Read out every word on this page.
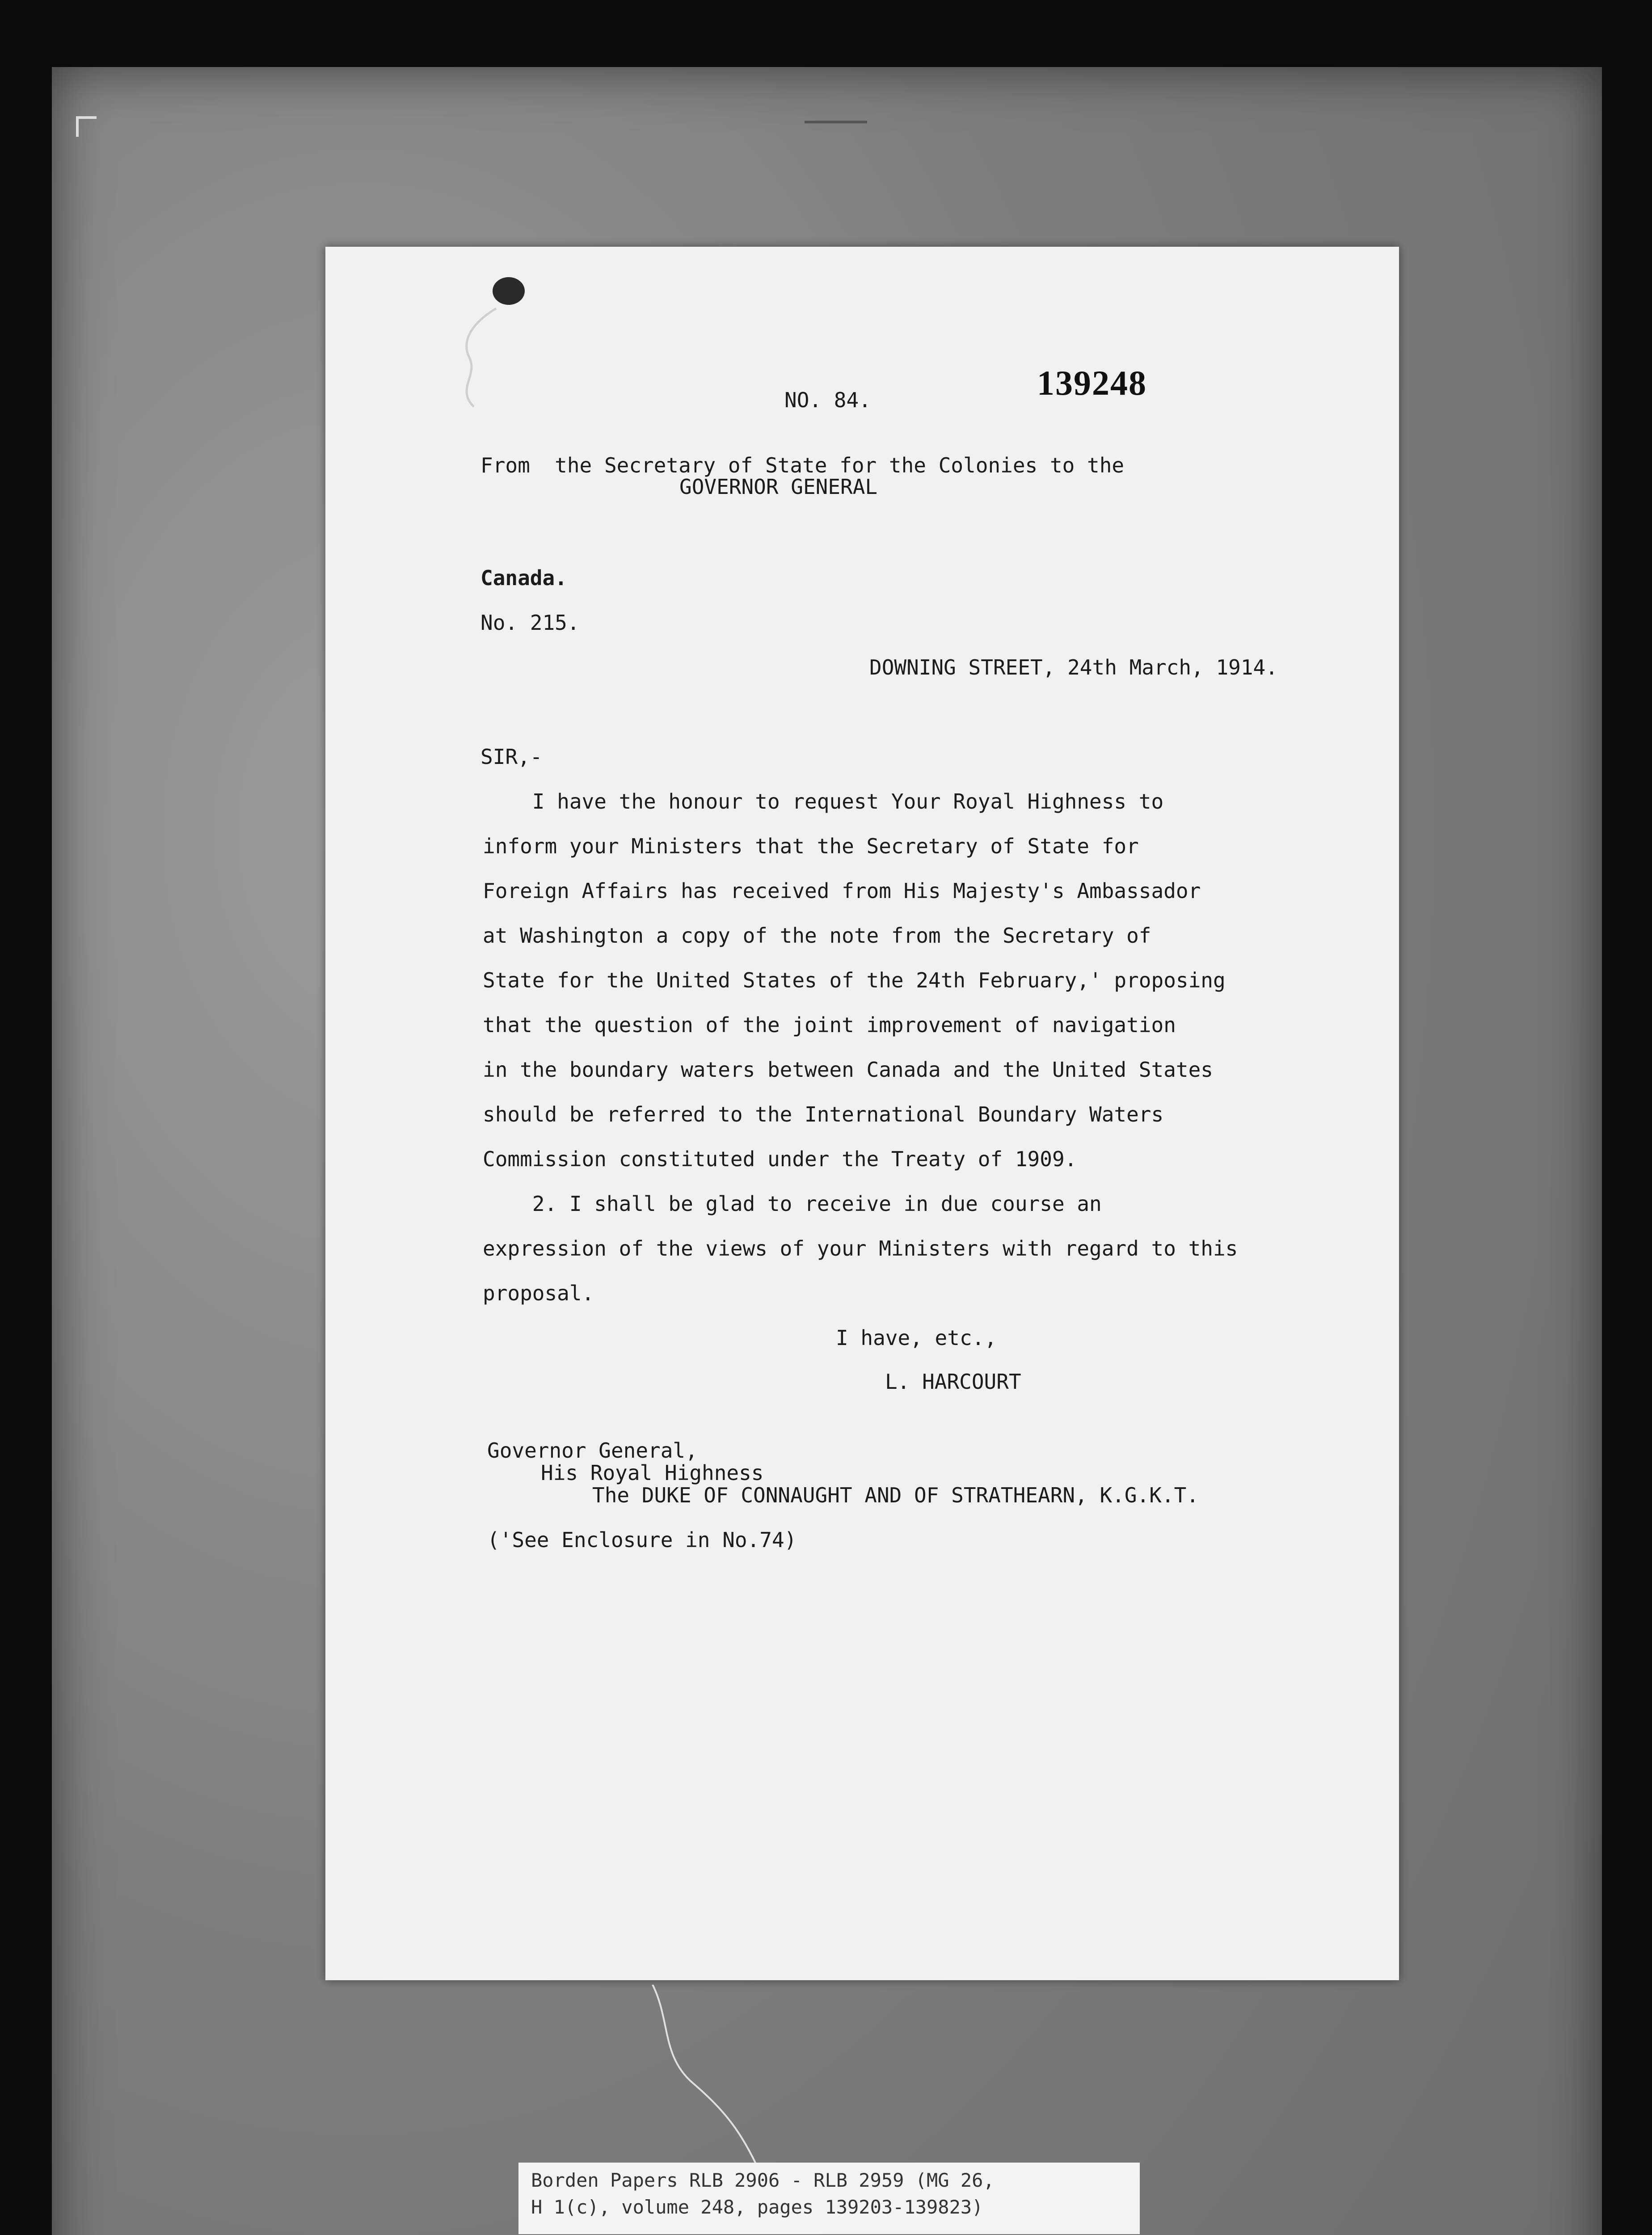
139248
NO. 84.
From  the Secretary of State for the Colonies to the
GOVERNOR GENERAL
Canada.
No. 215.
DOWNING STREET, 24th March, 1914.
SIR,-
I have the honour to request Your Royal Highness to
inform your Ministers that the Secretary of State for
Foreign Affairs has received from His Majesty's Ambassador
at Washington a copy of the note from the Secretary of
State for the United States of the 24th February,' proposing
that the question of the joint improvement of navigation
in the boundary waters between Canada and the United States
should be referred to the International Boundary Waters
Commission constituted under the Treaty of 1909.
2. I shall be glad to receive in due course an
expression of the views of your Ministers with regard to this
proposal.
I have, etc.,
L. HARCOURT
Governor General,
His Royal Highness
The DUKE OF CONNAUGHT AND OF STRATHEARN, K.G.K.T.
('See Enclosure in No.74)
Borden Papers RLB 2906 - RLB 2959 (MG 26,
H 1(c), volume 248, pages 139203-139823)
